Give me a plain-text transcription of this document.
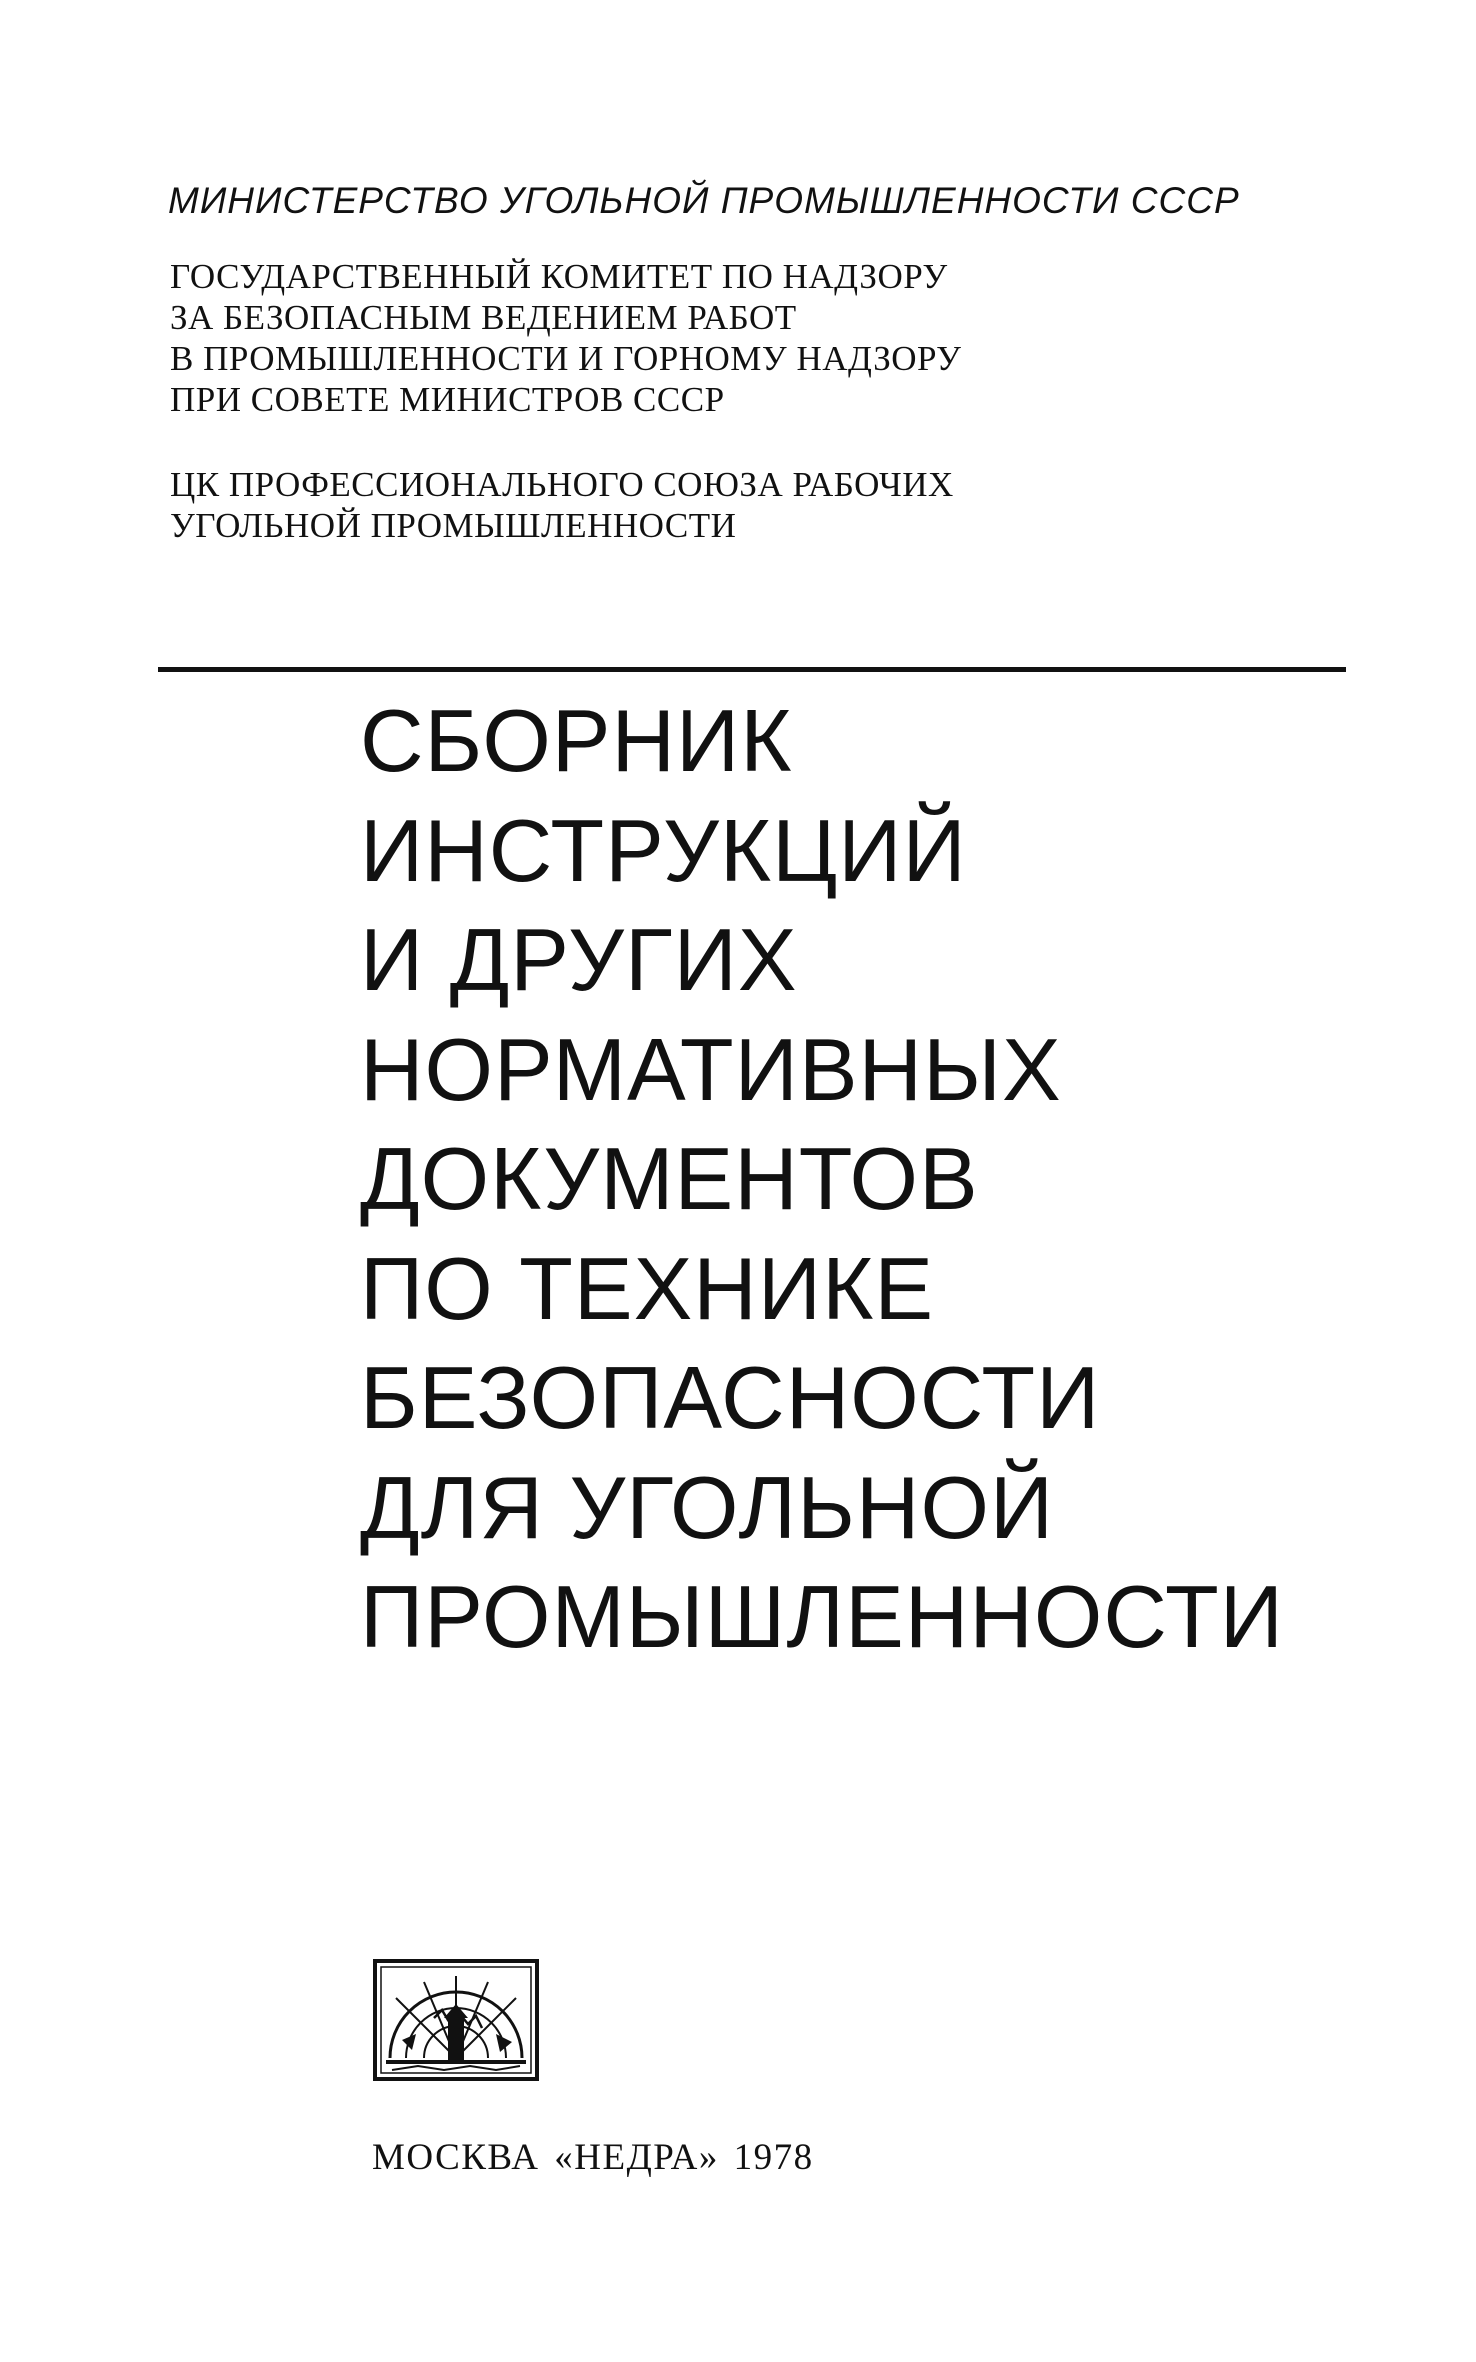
МИНИСТЕРСТВО УГОЛЬНОЙ ПРОМЫШЛЕННОСТИ СССР
ГОСУДАРСТВЕННЫЙ КОМИТЕТ ПО НАДЗОРУ
ЗА БЕЗОПАСНЫМ ВЕДЕНИЕМ РАБОТ
В ПРОМЫШЛЕННОСТИ И ГОРНОМУ НАДЗОРУ
ПРИ СОВЕТЕ МИНИСТРОВ СССР
ЦК ПРОФЕССИОНАЛЬНОГО СОЮЗА РАБОЧИХ
УГОЛЬНОЙ ПРОМЫШЛЕННОСТИ
СБОРНИК
ИНСТРУКЦИЙ
И ДРУГИХ
НОРМАТИВНЫХ
ДОКУМЕНТОВ
ПО ТЕХНИКЕ
БЕЗОПАСНОСТИ
ДЛЯ УГОЛЬНОЙ
ПРОМЫШЛЕННОСТИ
МОСКВА «НЕДРА» 1978
